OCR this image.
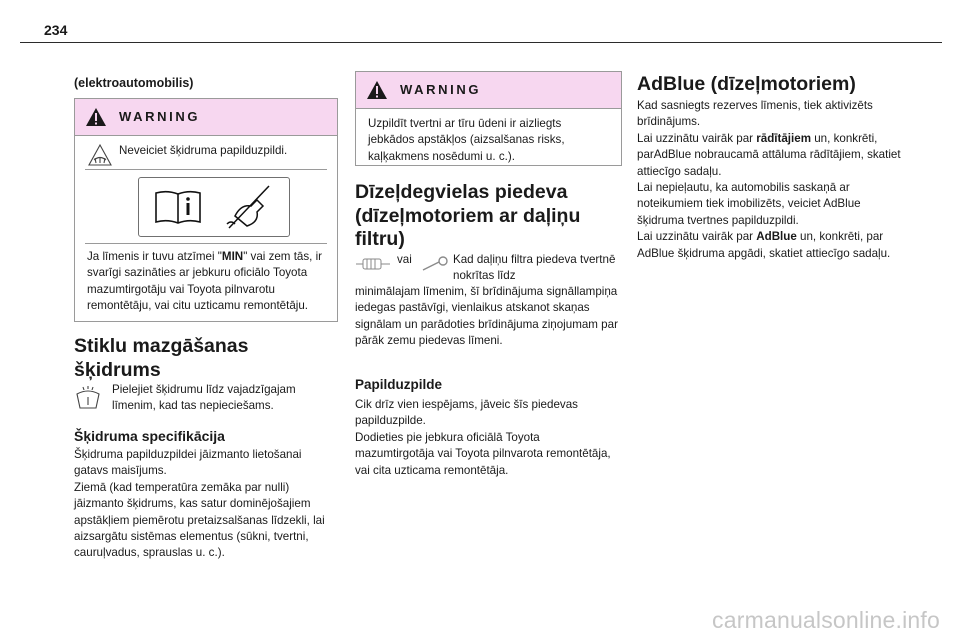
234
(elektroautomobilis)
WARNING
Neveiciet šķidruma papilduzpildi.
Ja līmenis ir tuvu atzīmei "MIN" vai zem tās, ir svarīgi sazināties ar jebkuru oficiālo Toyota mazumtirgotāju vai Toyota pilnvarotu remontētāju, vai citu uzticamu remontētāju.
Stiklu mazgāšanas šķidrums
Pielejiet šķidrumu līdz vajadzīgajam līmenim, kad tas nepieciešams.
Šķidruma specifikācija
Šķidruma papilduzpildei jāizmanto lietošanai gatavs maisījums.
Ziemā (kad temperatūra zemāka par nulli) jāizmanto šķidrums, kas satur dominējošajiem apstākļiem piemērotu pretaizsalšanas līdzekli, lai aizsargātu sistēmas elementus (sūkni, tvertni, cauruļvadus, sprauslas u. c.).
WARNING
Uzpildīt tvertni ar tīru ūdeni ir aizliegts jebkādos apstākļos (aizsalšanas risks, kaļķakmens nosēdumi u. c.).
Dīzeļdegvielas piedeva (dīzeļmotoriem ar daļiņu filtru)
vai	Kad daļiņu filtra piedeva tvertnē nokrītas līdz
minimālajam līmenim, šī brīdinājuma signāllampiņa iedegas pastāvīgi, vienlaikus atskanot skaņas signālam un parādoties brīdinājuma ziņojumam par pārāk zemu piedevas līmeni.
Papilduzpilde
Cik drīz vien iespējams, jāveic šīs piedevas papilduzpilde.
Dodieties pie jebkura oficiālā Toyota mazumtirgotāja vai Toyota pilnvarota remontētāja, vai cita uzticama remontētāja.
AdBlue (dīzeļmotoriem)
Kad sasniegts rezerves līmenis, tiek aktivizēts brīdinājums.
Lai uzzinātu vairāk par rādītājiem un, konkrēti, parAdBlue nobraucamā attāluma rādītājiem, skatiet attiecīgo sadaļu.
Lai nepieļautu, ka automobilis saskaņā ar noteikumiem tiek imobilizēts, veiciet AdBlue šķidruma tvertnes papilduzpildi.
Lai uzzinātu vairāk par AdBlue un, konkrēti, par AdBlue šķidruma apgādi, skatiet attiecīgo sadaļu.
carmanualsonline.info
